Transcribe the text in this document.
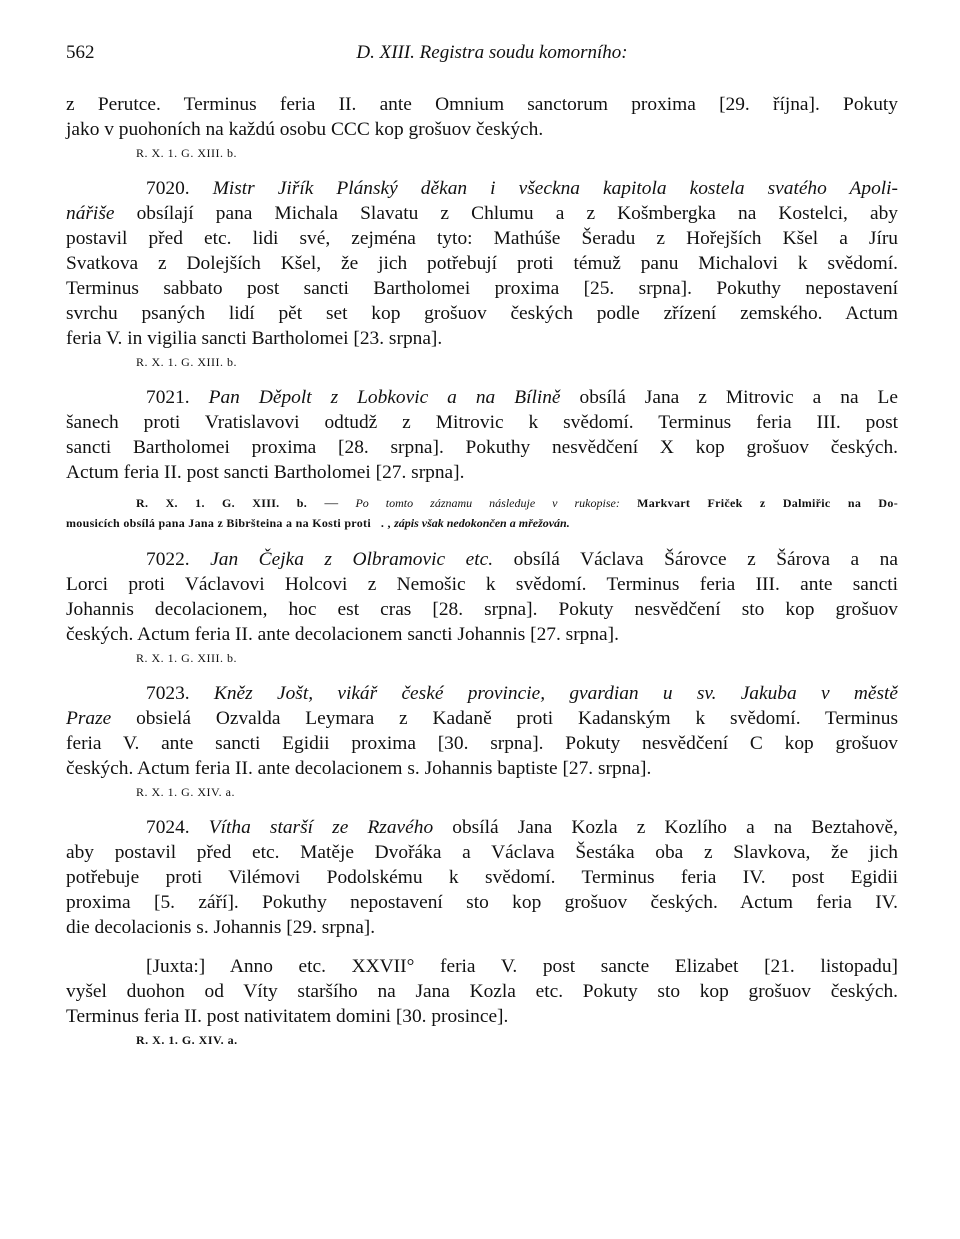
562	D. XIII. Registra soudu komorního:

z Perutce. Terminus feria II. ante Omnium sanctorum proxima [29. října]. Pokuty
jako v puohoních na každú osobu CCC kop grošuov českých.

R. X. 1. G. XIII. b.

7020. Mistr Jiřík Plánský děkan i všeckna kapitola kostela svatého Apoli-
nářiše obsílají pana Michala Slavatu z Chlumu a z Košmbergka na Kostelci, aby
postavil před etc. lidi své, zejména tyto: Mathúše Šeradu z Hořejších Kšel a Jíru
Svatkova z Dolejších Kšel, že jich potřebují proti témuž panu Michalovi k svědomí.
Terminus sabbato post sancti Bartholomei proxima [25. srpna]. Pokuthy nepostavení
svrchu psaných lidí pět set kop grošuov českých podle zřízení zemského. Actum
feria V. in vigilia sancti Bartholomei [23. srpna].

R. X. 1. G. XIII. b.

7021. Pan Děpolt z Lobkovic a na Bílině obsílá Jana z Mitrovic a na Le
šanech proti Vratislavovi odtudž z Mitrovic k svědomí. Terminus feria III. post
sancti Bartholomei proxima [28. srpna]. Pokuthy nesvědčení X kop grošuov českých.
Actum feria II. post sancti Bartholomei [27. srpna].

R. X. 1. G. XIII. b. — Po tomto záznamu následuje v rukopise: Markvart Friček z Dalmiřic na Do-
mousicích obsílá pana Jana z Bibršteina a na Kosti proti   . , zápis však nedokončen a mřežován.

7022. Jan Čejka z Olbramovic etc. obsílá Václava Šárovce z Šárova a na
Lorci proti Václavovi Holcovi z Nemošic k svědomí. Terminus feria III. ante sancti
Johannis decolacionem, hoc est cras [28. srpna]. Pokuty nesvědčení sto kop grošuov
českých. Actum feria II. ante decolacionem sancti Johannis [27. srpna].

R. X. 1. G. XIII. b.

7023. Kněz Jošt, vikář české provincie, gvardian u sv. Jakuba v městě
Praze obsielá Ozvalda Leymara z Kadaně proti Kadanským k svědomí. Terminus
feria V. ante sancti Egidii proxima [30. srpna]. Pokuty nesvědčení C kop grošuov
českých. Actum feria II. ante decolacionem s. Johannis baptiste [27. srpna].

R. X. 1. G. XIV. a.

7024. Vítha starší ze Rzavého obsílá Jana Kozla z Kozlího a na Beztahově,
aby postavil před etc. Matěje Dvořáka a Václava Šestáka oba z Slavkova, že jich
potřebuje proti Vilémovi Podolskému k svědomí. Terminus feria IV. post Egidii
proxima [5. září]. Pokuthy nepostavení sto kop grošuov českých. Actum feria IV.
die decolacionis s. Johannis [29. srpna].

[Juxta:] Anno etc. XXVII° feria V. post sancte Elizabet [21. listopadu]
vyšel duohon od Víty staršího na Jana Kozla etc. Pokuty sto kop grošuov českých.
Terminus feria II. post nativitatem domini [30. prosince].

R. X. 1. G. XIV. a.
